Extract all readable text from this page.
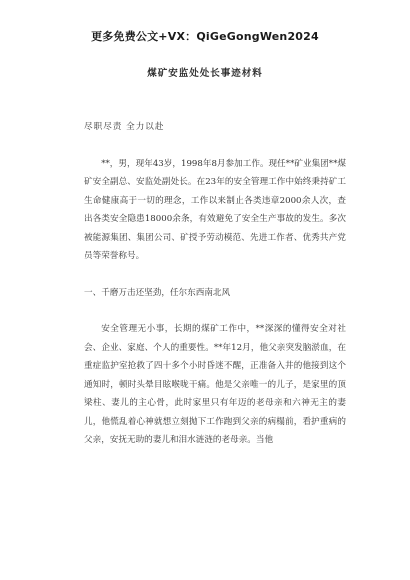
更多免费公文+VX：QiGeGongWen2024
煤矿安监处处长事迹材料

尽职尽责 全力以赴

**，男，现年43岁，1998年8月参加工作。现任**矿业集团**煤矿安全副总、安监处副处长。在23年的安全管理工作中始终秉持矿工生命健康高于一切的理念，工作以来制止各类违章2000余人次，查出各类安全隐患18000余条，有效避免了安全生产事故的发生。多次被能源集团、集团公司、矿授予劳动模范、先进工作者、优秀共产党员等荣誉称号。

一、千磨万击还坚劲，任尔东西南北风

安全管理无小事，长期的煤矿工作中，**深深的懂得安全对社会、企业、家庭、个人的重要性。**年12月，他父亲突发脑淤血，在重症监护室抢救了四十多个小时昏迷不醒，正准备入井的他接到这个通知时，顿时头晕目眩喉咙干痛。他是父亲唯一的儿子，是家里的顶梁柱、妻儿的主心骨，此时家里只有年迈的老母亲和六神无主的妻儿，他慌乱着心神就想立刻抛下工作跑到父亲的病榻前，看护重病的父亲，安抚无助的妻儿和泪水涟涟的老母亲。当他
